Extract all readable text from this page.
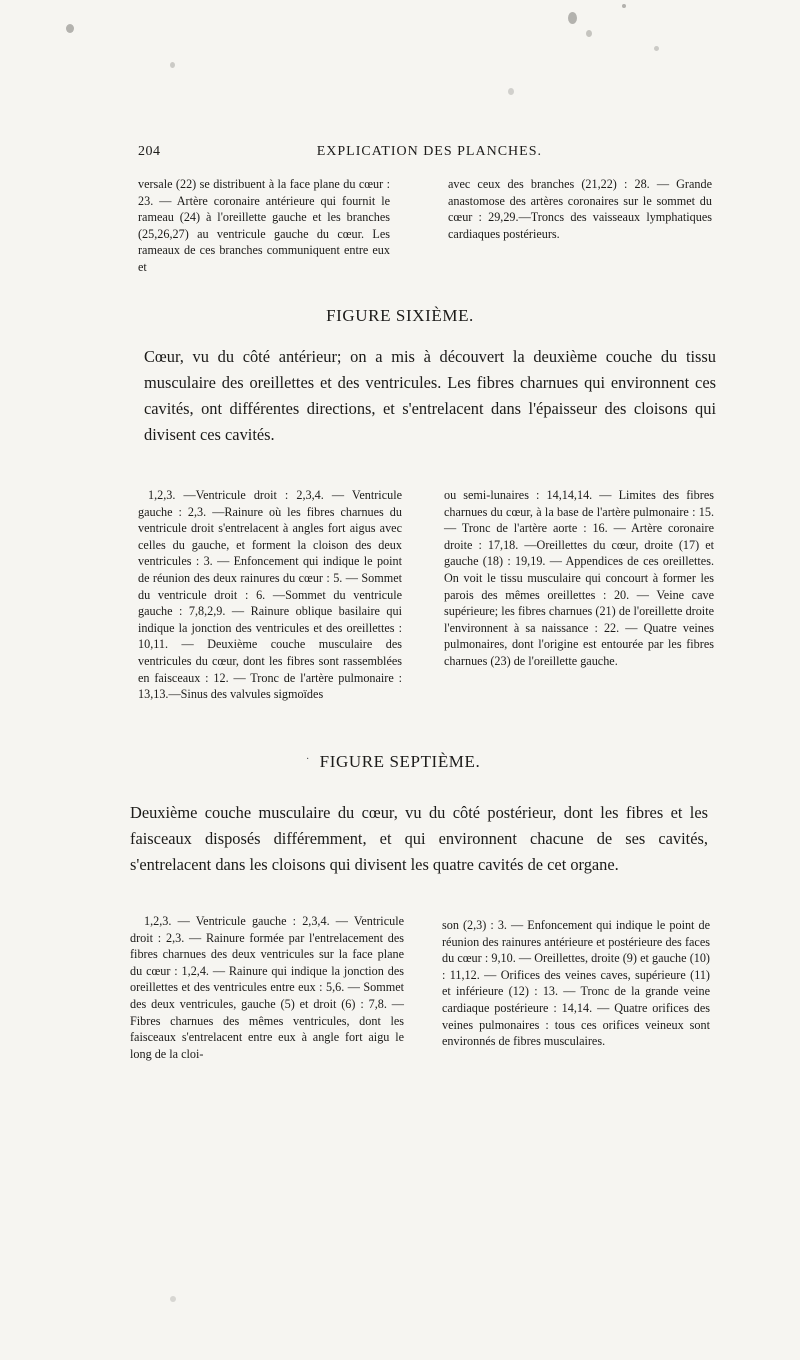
204	EXPLICATION DES PLANCHES.
versale (22) se distribuent à la face plane du cœur : 23. — Artère coronaire antérieure qui fournit le rameau (24) à l'oreillette gauche et les branches (25,26,27) au ventricule gauche du cœur. Les rameaux de ces branches communiquent entre eux et
avec ceux des branches (21,22) : 28. — Grande anastomose des artères coronaires sur le sommet du cœur : 29,29.—Troncs des vaisseaux lymphatiques cardiaques postérieurs.
FIGURE SIXIÈME.
Cœur, vu du côté antérieur; on a mis à découvert la deuxième couche du tissu musculaire des oreillettes et des ventricules. Les fibres charnues qui environnent ces cavités, ont différentes directions, et s'entrelacent dans l'épaisseur des cloisons qui divisent ces cavités.
1,2,3. —Ventricule droit : 2,3,4. — Ventricule gauche : 2,3. —Rainure où les fibres charnues du ventricule droit s'entrelacent à angles fort aigus avec celles du gauche, et forment la cloison des deux ventricules : 3. — Enfoncement qui indique le point de réunion des deux rainures du cœur : 5. — Sommet du ventricule droit : 6. —Sommet du ventricule gauche : 7,8,2,9. — Rainure oblique basilaire qui indique la jonction des ventricules et des oreillettes : 10,11. — Deuxième couche musculaire des ventricules du cœur, dont les fibres sont rassemblées en faisceaux : 12. — Tronc de l'artère pulmonaire : 13,13.—Sinus des valvules sigmoïdes
ou semi-lunaires : 14,14,14. — Limites des fibres charnues du cœur, à la base de l'artère pulmonaire : 15. — Tronc de l'artère aorte : 16. — Artère coronaire droite : 17,18. —Oreillettes du cœur, droite (17) et gauche (18) : 19,19. — Appendices de ces oreillettes. On voit le tissu musculaire qui concourt à former les parois des mêmes oreillettes : 20. — Veine cave supérieure; les fibres charnues (21) de l'oreillette droite l'environnent à sa naissance : 22. — Quatre veines pulmonaires, dont l'origine est entourée par les fibres charnues (23) de l'oreillette gauche.
· FIGURE SEPTIÈME.
Deuxième couche musculaire du cœur, vu du côté postérieur, dont les fibres et les faisceaux disposés différemment, et qui environnent chacune de ses cavités, s'entrelacent dans les cloisons qui divisent les quatre cavités de cet organe.
1,2,3. — Ventricule gauche : 2,3,4. — Ventricule droit : 2,3. — Rainure formée par l'entrelacement des fibres charnues des deux ventricules sur la face plane du cœur : 1,2,4. — Rainure qui indique la jonction des oreillettes et des ventricules entre eux : 5,6. — Sommet des deux ventricules, gauche (5) et droit (6) : 7,8. — Fibres charnues des mêmes ventricules, dont les faisceaux s'entrelacent entre eux à angle fort aigu le long de la cloi-
son (2,3) : 3. — Enfoncement qui indique le point de réunion des rainures antérieure et postérieure des faces du cœur : 9,10. — Oreillettes, droite (9) et gauche (10) : 11,12. — Orifices des veines caves, supérieure (11) et inférieure (12) : 13. — Tronc de la grande veine cardiaque postérieure : 14,14. — Quatre orifices des veines pulmonaires : tous ces orifices veineux sont environnés de fibres musculaires.
